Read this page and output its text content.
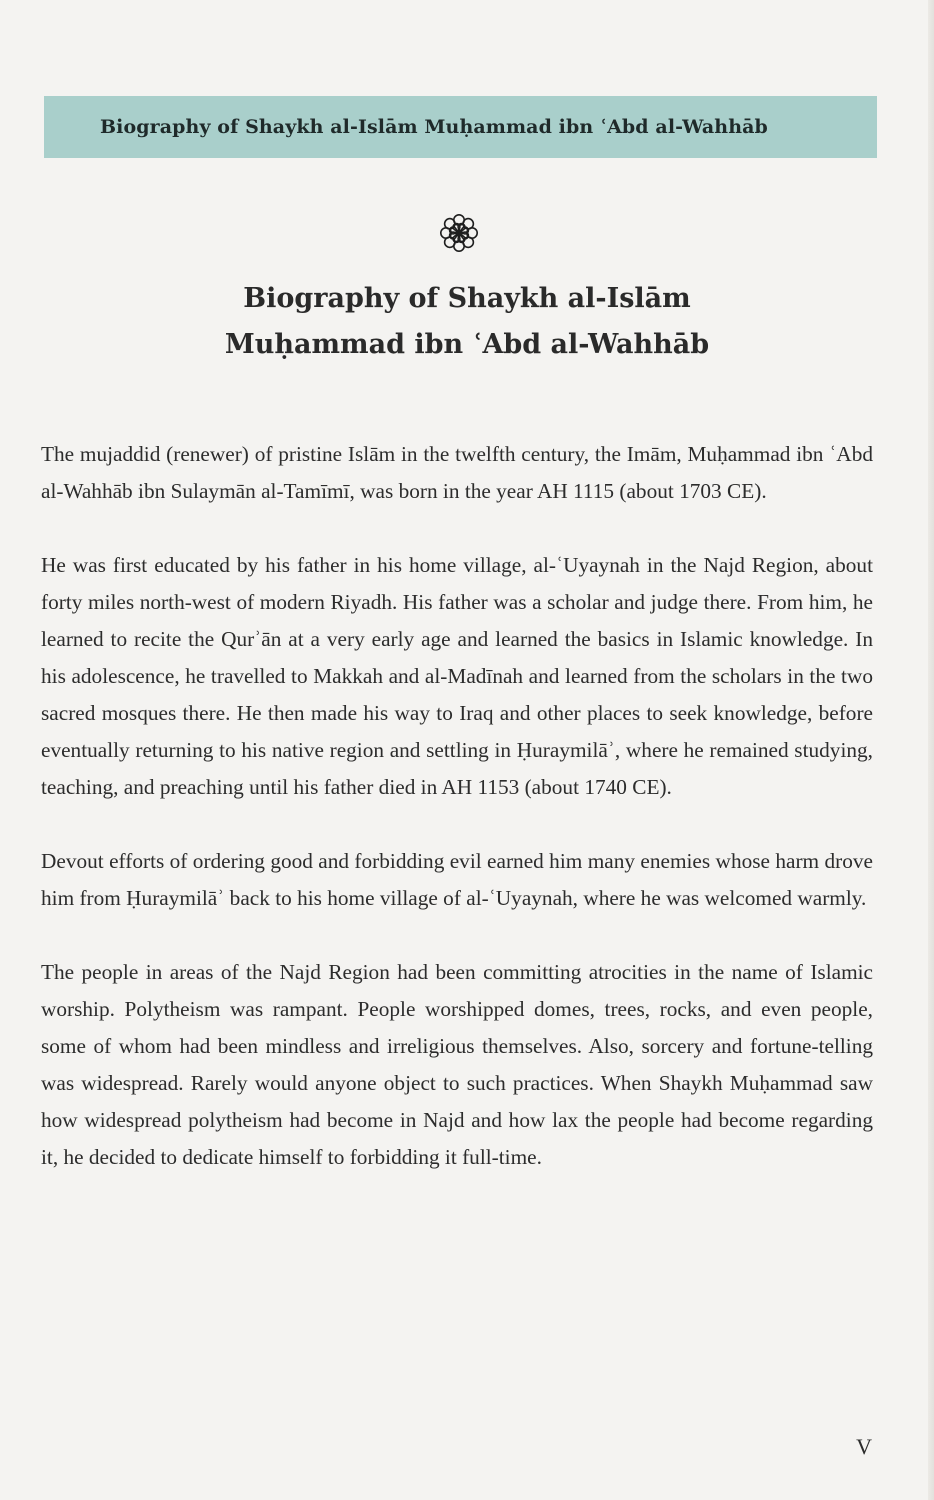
Biography of Shaykh al-Islām Muḥammad ibn ʿAbd al-Wahhāb
Biography of Shaykh al-Islām
Muḥammad ibn ʿAbd al-Wahhāb

The mujaddid (renewer) of pristine Islām in the twelfth century, the Imām, Muḥammad ibn ʿAbd al-Wahhāb ibn Sulaymān al-Tamīmī, was born in the year AH 1115 (about 1703 CE).

He was first educated by his father in his home village, al-ʿUyaynah in the Najd Region, about forty miles north-west of modern Riyadh. His father was a scholar and judge there. From him, he learned to recite the Qurʾān at a very early age and learned the basics in Islamic knowledge. In his adolescence, he travelled to Makkah and al-Madīnah and learned from the scholars in the two sacred mosques there. He then made his way to Iraq and other places to seek knowledge, before eventually returning to his native region and settling in Ḥuraymilāʾ, where he remained studying, teaching, and preaching until his father died in AH 1153 (about 1740 CE).

Devout efforts of ordering good and forbidding evil earned him many enemies whose harm drove him from Ḥuraymilāʾ back to his home village of al-ʿUyaynah, where he was welcomed warmly.

The people in areas of the Najd Region had been committing atrocities in the name of Islamic worship. Polytheism was rampant. People worshipped domes, trees, rocks, and even people, some of whom had been mindless and irreligious themselves. Also, sorcery and fortune-telling was widespread. Rarely would anyone object to such practices. When Shaykh Muḥammad saw how widespread polytheism had become in Najd and how lax the people had become regarding it, he decided to dedicate himself to forbidding it full-time.

V
